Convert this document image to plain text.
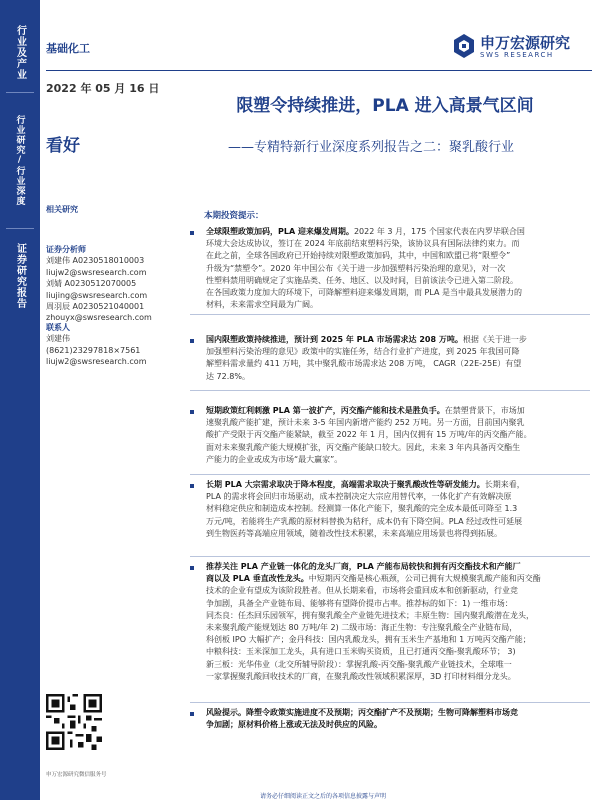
行业及产业
行业研究/行业深度
证券研究报告
基础化工	申万宏源研究
SWS RESEARCH
2022 年 05 月 16 日
看好
限塑令持续推进，PLA 进入高景气区间
——专精特新行业深度系列报告之二：聚乳酸行业
相关研究
证券分析师
刘建伟 A0230518010003
liujw2@swsresearch.com
刘婧 A0230512070005
liujing@swsresearch.com
周羽辰 A0230521040001
zhouyx@swsresearch.com
联系人
刘建伟
(8621)23297818×7561
liujw2@swsresearch.com
申万宏源研究微信服务号
本期投资提示：
全球限塑政策加码，PLA 迎来爆发周期。2022 年 3 月，175 个国家代表在内罗毕联合国
环境大会达成协议，签订在 2024 年底前结束塑料污染，该协议具有国际法律约束力。而
在此之前，全球各国政府已开始持续对限塑政策加码，其中，中国和欧盟已将“限塑令”
升级为“禁塑令”。2020 年中国公布《关于进一步加强塑料污染治理的意见》，对一次
性塑料禁用明确规定了实施品类、任务、地区、以及时间，目前该法令已进入第二阶段。
在各国政策力度加大的环境下，可降解塑料迎来爆发周期，而 PLA 是当中最具发展潜力的
材料，未来需求空间最为广阔。
国内限塑政策持续推进，预计到 2025 年 PLA 市场需求达 208 万吨。根据《关于进一步
加强塑料污染治理的意见》政策中的实施任务，结合行业扩产进度，到 2025 年我国可降
解塑料需求量约 411 万吨，其中聚乳酸市场需求达 208 万吨， CAGR（22E-25E）有望
达 72.8%。
短期政策红利刺激 PLA 第一波扩产，丙交酯产能和技术是胜负手。在禁塑背景下，市场加
速聚乳酸产能扩建，预计未来 3-5 年国内新增产能约 252 万吨。另一方面，目前国内聚乳
酸扩产受限于丙交酯产能紧缺，截至 2022 年 1 月，国内仅拥有 15 万吨/年的丙交酯产能。
面对未来聚乳酸产能大规模扩张，丙交酯产能缺口较大。因此，未来 3 年内具备丙交酯生
产能力的企业或成为市场“最大赢家”。
长期 PLA 大宗需求取决于降本程度，高端需求取决于聚乳酸改性等研发能力。长期来看，
PLA 的需求将会回归市场驱动，成本控制决定大宗应用替代率，一体化扩产有效解决原
材料稳定供应和制造成本控制。经测算一体化产能下，聚乳酸的完全成本最低可降至 1.3
万元/吨，若能将生产乳酸的原材料替换为秸秆，成本仍有下降空间。PLA 经过改性可延展
到生物医药等高端应用领域，随着改性技术积累，未来高端应用场景也将得到拓展。
推荐关注 PLA 产业链一体化的龙头厂商，PLA 产能布局较快和拥有丙交酯技术和产能厂
商以及 PLA 垂直改性龙头。中短期丙交酯是核心瓶颈，公司已拥有大规模聚乳酸产能和丙交酯
技术的企业有望成为该阶段胜者。但从长期来看，市场将会重回成本和创新驱动，行业竞
争加剧，具备全产业链布局、能够将有望降价提市占率。推荐标的如下：1) 一维市场：
同杰良：任杰回乐园领军，拥有聚乳酸全产业链先进技术；丰原生物：国内聚乳酸潜在龙头，
未来聚乳酸产能规划达 80 万吨/年 2) 二级市场：海正生物：专注聚乳酸全产业链布局，
科创板 IPO 大幅扩产；金丹科技：国内乳酸龙头，拥有玉米生产基地和 1 万吨丙交酯产能；
中粮科技：玉米深加工龙头，具有进口玉米购买资质，且已打通丙交酯-聚乳酸环节； 3)
新三板：光华伟业（北交所辅导阶段）：掌握乳酸-丙交酯-聚乳酸产业链技术，全球唯一
一家掌握聚乳酸回收技术的厂商，在聚乳酸改性领域积累深厚，3D 打印材料细分龙头。
风险提示。降塑令政策实施进度不及预期；丙交酯扩产不及预期；生物可降解塑料市场竞
争加剧；原材料价格上涨或无法及时供应的风险。
请务必仔细阅读正文之后的各项信息披露与声明
